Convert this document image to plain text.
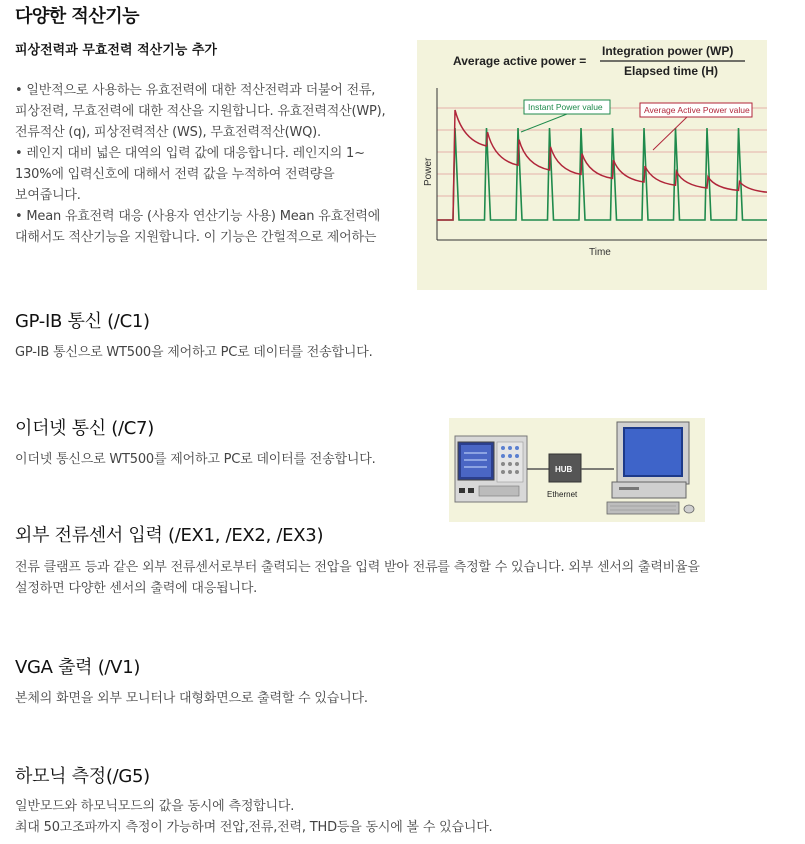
다양한 적산기능
피상전력과 무효전력 적산기능 추가
• 일반적으로 사용하는 유효전력에 대한 적산전력과 더불어 전류,
피상전력, 무효전력에 대한 적산을 지원합니다. 유효전력적산(WP),
전류적산 (q), 피상전력적산 (WS), 무효전력적산(WQ).
• 레인지 대비 넓은 대역의 입력 값에 대응합니다. 레인지의 1~
130%에 입력신호에 대해서 전력 값을 누적하여 전력량을
보여줍니다.
• Mean 유효전력 대응 (사용자 연산기능 사용) Mean 유효전력에
대해서도 적산기능을 지원합니다. 이 기능은 간헐적으로 제어하는
Average active power =
Integration power (WP)
Elapsed time (H)
Instant Power value	Average Active Power value
Power
Time
GP-IB 통신 (/C1)
GP-IB 통신으로 WT500을 제어하고 PC로 데이터를 전송합니다.
이더넷 통신 (/C7)
이더넷 통신으로 WT500를 제어하고 PC로 데이터를 전송합니다.
HUB
Ethernet
외부 전류센서 입력 (/EX1, /EX2, /EX3)
전류 클램프 등과 같은 외부 전류센서로부터 출력되는 전압을 입력 받아 전류를 측정할 수 있습니다. 외부 센서의 출력비율을
설정하면 다양한 센서의 출력에 대응됩니다.
VGA 출력 (/V1)
본체의 화면을 외부 모니터나 대형화면으로 출력할 수 있습니다.
하모닉 측정(/G5)
일반모드와 하모닉모드의 값을 동시에 측정합니다.
최대 50고조파까지 측정이 가능하며 전압,전류,전력, THD등을 동시에 볼 수 있습니다.
